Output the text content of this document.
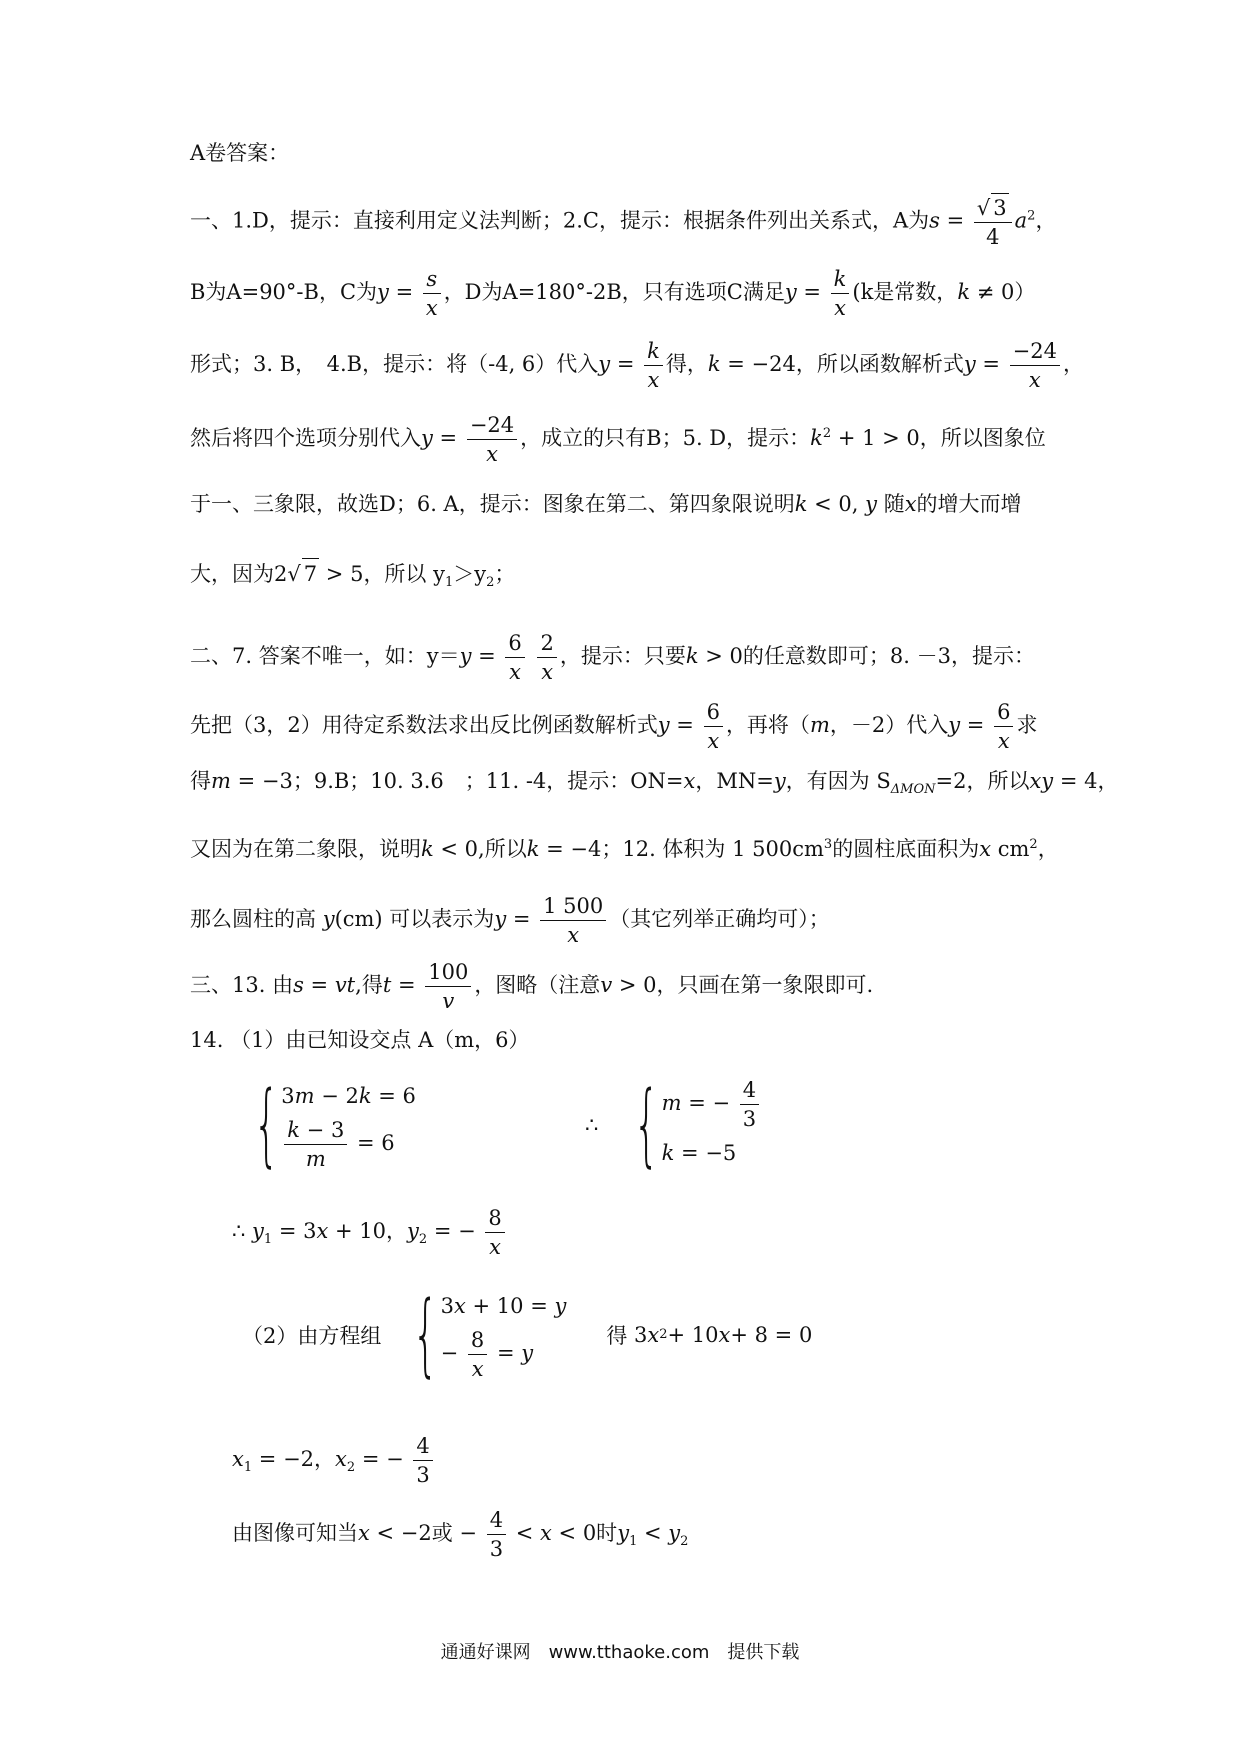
A卷答案：
一、1.D，提示：直接利用定义法判断；2.C，提示：根据条件列出关系式，A为$s = \frac{√ 3}{4} a^2$，
B为A=90°-B，C为$y = \frac{s}{x}$ ，D为A=180°-2B，只有选项C满足$y = \frac{k}{x} (k$是常数，k ≠ 0）
形式；3. B，　4.B，提示：将（-4, 6）代入$y = \frac{k}{x}$ 得，k = −24，所以函数解析式$y = \frac{-24}{x}$ ，
然后将四个选项分别代入$y = \frac{-24}{x}$ ，成立的只有B；5. D，提示：$k^2 + 1 > 0$，所以图象位
于一、三象限，故选D；6. A，提示：图象在第二、第四象限说明k < 0, y 随x的增大而增
大，因为2√ 7 > 5，所以 $y_1>y_2$；
二、7. 答案不唯一，如：$y=y = \frac{6}{x}$
$\frac{2}{x}$ ，提示：只要k > 0的任意数即可；8. －3，提示：
先把（3，2）用待定系数法求出反比例函数解析式$y = \frac{6}{x}$ ，再将（m，－2）代入$y = \frac{6}{x}$ 求
得m = −3；9.B；10. 3.6　；11. -4，提示：ON=x，MN=y，有因为 $S_{\Delta MON}=2$，所以xy = 4，
又因为在第二象限，说明k < 0,所以k = −4；12. 体积为 1 $500cm^3$的圆柱底面积为x $cm^2$，
那么圆柱的高 y(cm) 可以表示为$y = \frac{1 500}{x}$ （其它列举正确均可）；
三、13. 由s = vt,得$t = \frac{100}{v}$ ，图略（注意v > 0，只画在第一象限即可.
14. （1）由已知设交点 A（m，6）
{ 3m − 2k = 6
$\frac{k - 3}{m} = 6$
∴ { m = − $\frac{4}{3}$
k = −5
∴ $y_1 = 3x + 10$，$y_2$ = − $\frac{8}{x}$
（2）由方程组 { 3x + 10 = y
− $\frac{8}{x} = y$
得 3 x 2 + 10 x + 8 = 0
$x_1 = -2$，$x_2$ = − $\frac{4}{3}$
由图像可知当x < −2或 − $\frac{4}{3} < x < 0$时$y_1 < y_2$
通通好课网　www.tthaoke.com　提供下载
